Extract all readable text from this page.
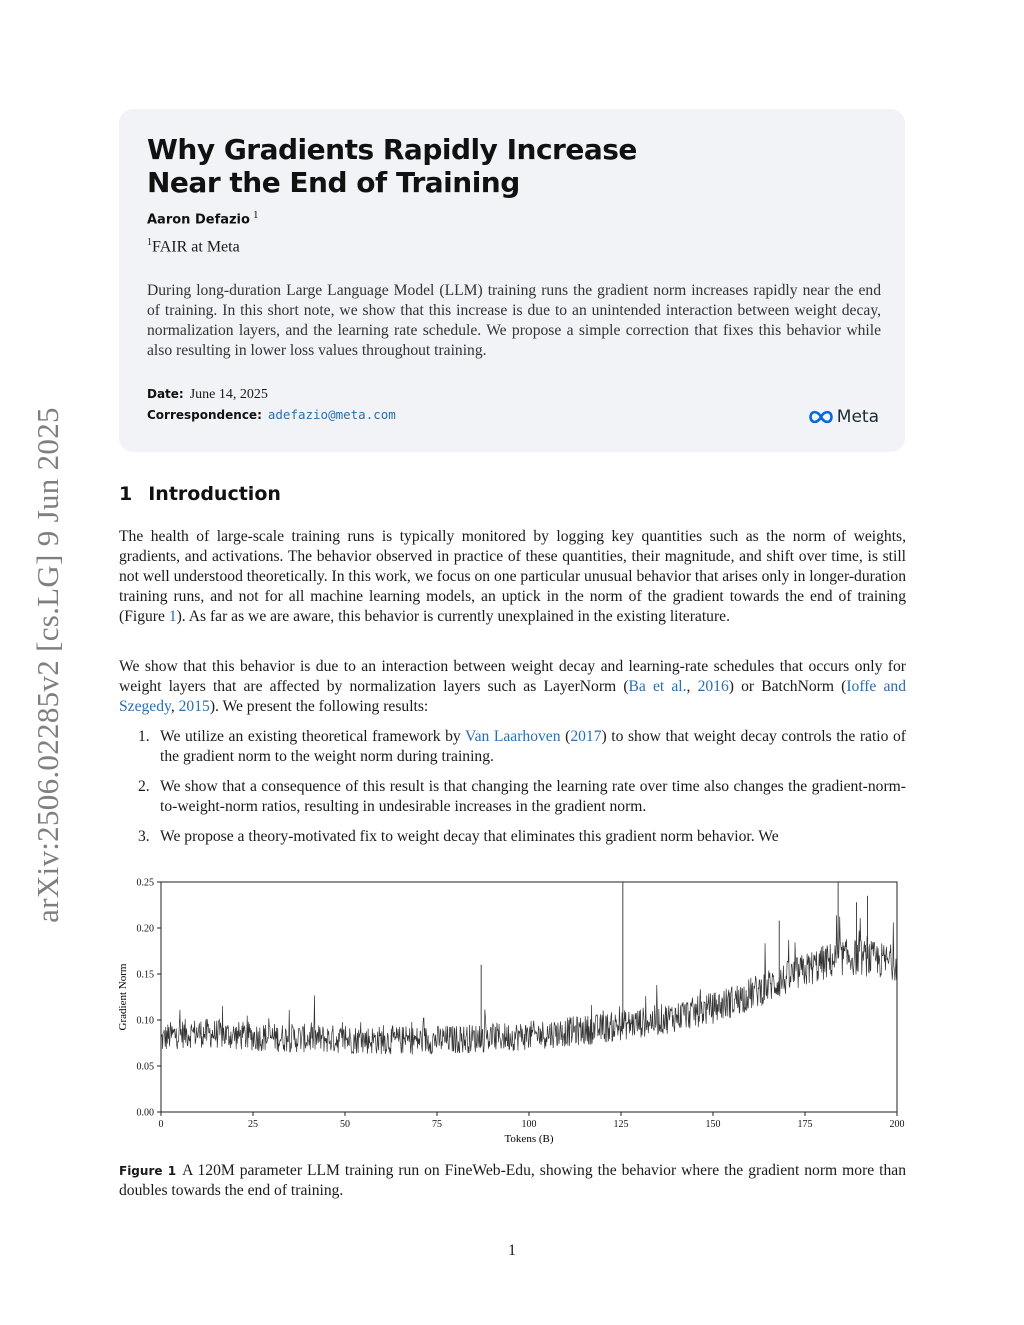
arXiv:2506.02285v2 [cs.LG] 9 Jun 2025
Why Gradients Rapidly Increase
Near the End of Training
Aaron Defazio $^1$
$^1$FAIR at Meta

During long-duration Large Language Model (LLM) training runs the gradient norm increases rapidly near the end of training. In this short note, we show that this increase is due to an unintended interaction between weight decay, normalization layers, and the learning rate schedule. We propose a simple correction that fixes this behavior while also resulting in lower loss values throughout training.

Date: June 14, 2025
Correspondence: adefazio@meta.com	Meta
1 Introduction

The health of large-scale training runs is typically monitored by logging key quantities such as the norm of weights, gradients, and activations. The behavior observed in practice of these quantities, their magnitude, and shift over time, is still not well understood theoretically. In this work, we focus on one particular unusual behavior that arises only in longer-duration training runs, and not for all machine learning models, an uptick in the norm of the gradient towards the end of training (Figure 1). As far as we are aware, this behavior is currently unexplained in the existing literature.

We show that this behavior is due to an interaction between weight decay and learning-rate schedules that occurs only for weight layers that are affected by normalization layers such as LayerNorm (Ba et al., 2016) or BatchNorm (Ioffe and Szegedy, 2015). We present the following results:

1. We utilize an existing theoretical framework by Van Laarhoven (2017) to show that weight decay controls the ratio of the gradient norm to the weight norm during training.
2. We show that a consequence of this result is that changing the learning rate over time also changes the gradient-norm-to-weight-norm ratios, resulting in undesirable increases in the gradient norm.
3. We propose a theory-motivated fix to weight decay that eliminates this gradient norm behavior. We
0	25	50	75	100	125	150	175	200
0.00
0.05
0.10
0.15
0.20
0.25
Tokens (B)
Gradient Norm

Figure 1 A 120M parameter LLM training run on FineWeb-Edu, showing the behavior where the gradient norm more than doubles towards the end of training.

1
